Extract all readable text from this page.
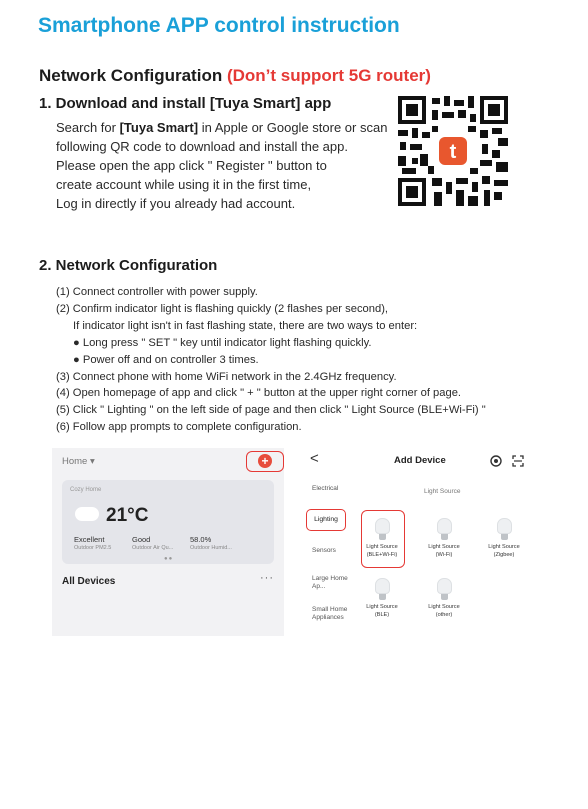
Smartphone APP control instruction
Network Configuration (Don’t support 5G router)
1. Download and install [Tuya Smart] app
Search for [Tuya Smart] in Apple or Google store or scan
following QR code to download and install the app.
Please open the app click " Register " button to
create account while using it in the first time,
Log in directly if you already had account.
t
2. Network Configuration
(1) Connect controller with power supply.
(2) Confirm indicator light is flashing quickly (2 flashes per second),
If indicator light isn't in fast flashing state, there are two ways to enter:
● Long press " SET " key until indicator light flashing quickly.
● Power off and on controller 3 times.
(3) Connect phone with home WiFi network in the 2.4GHz frequency.
(4) Open homepage of app and click " + " button at the upper right corner of page.
(5) Click " Lighting " on the left side of page and then click " Light Source (BLE+Wi-Fi) "
(6) Follow app prompts to complete configuration.
Home ▾	+
Cozy Home
21°C
Excellent
Outdoor PM2.5
Good
Outdoor Air Qu...
58.0%
Outdoor Humid...
●●
All Devices	···
<	Add Device
Electrical
Lighting
Sensors
Large Home Ap...
Small Home Appliances
Light Source
Light Source
(BLE+Wi-Fi)
Light Source
(Wi-Fi)
Light Source
(Zigbee)
Light Source
(BLE)
Light Source
(other)
